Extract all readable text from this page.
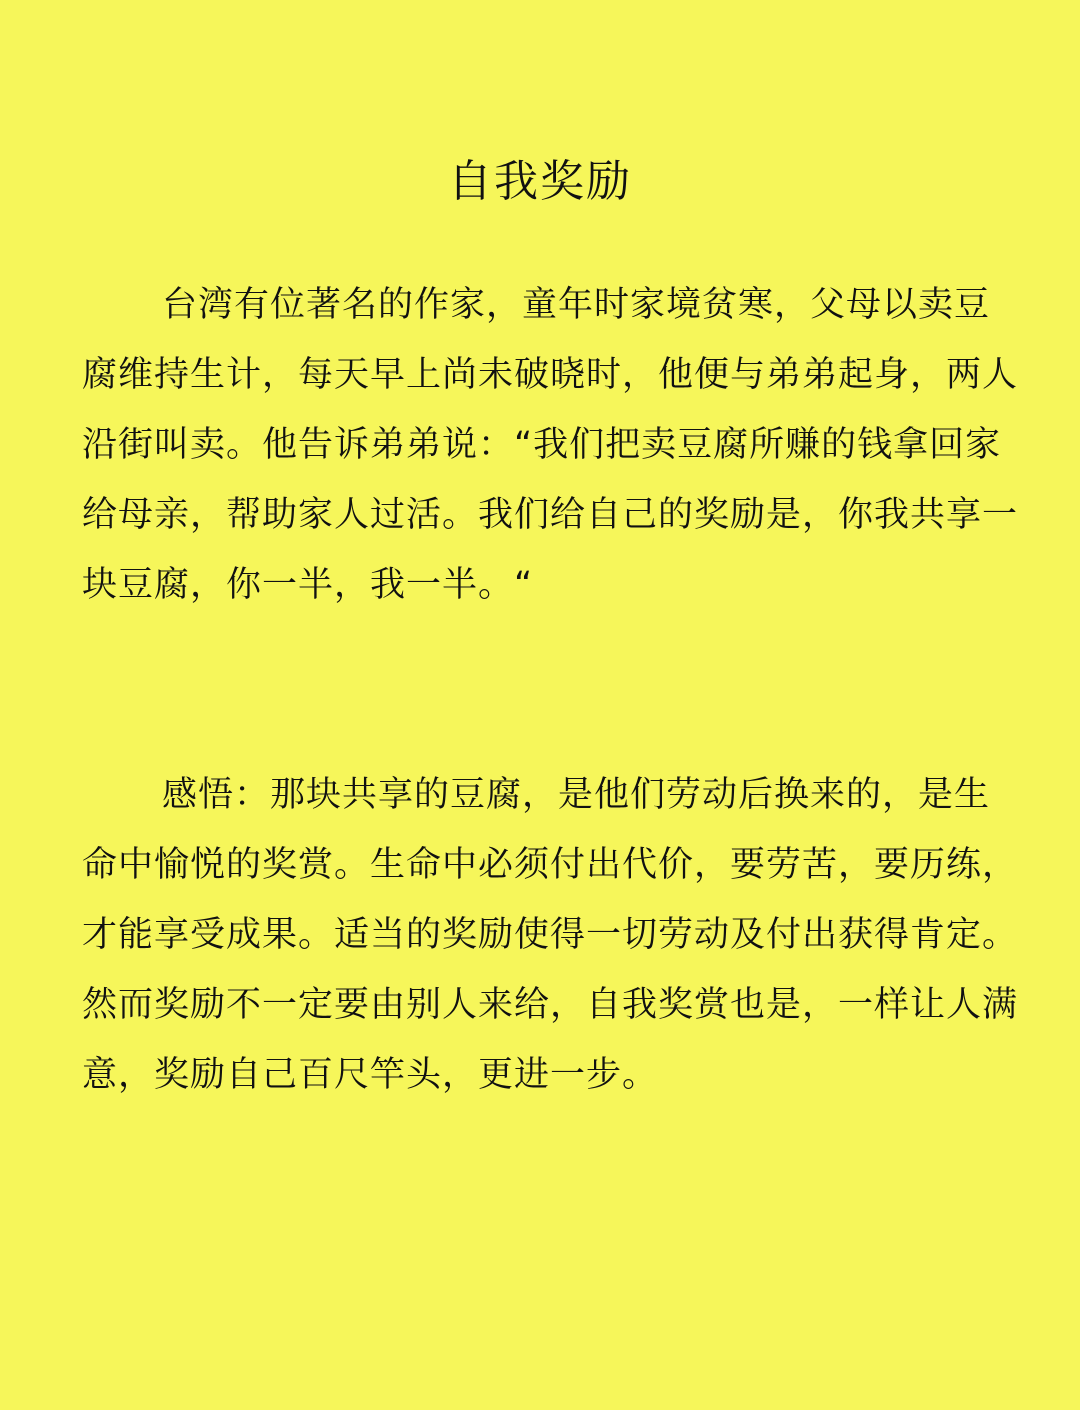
自我奖励

台湾有位著名的作家，童年时家境贫寒，父母以卖豆腐维持生计，每天早上尚未破晓时，他便与弟弟起身，两人沿街叫卖。他告诉弟弟说：“我们把卖豆腐所赚的钱拿回家给母亲，帮助家人过活。我们给自己的奖励是，你我共享一块豆腐，你一半，我一半。“

感悟：那块共享的豆腐，是他们劳动后换来的，是生命中愉悦的奖赏。生命中必须付出代价，要劳苦，要历练，才能享受成果。适当的奖励使得一切劳动及付出获得肯定。然而奖励不一定要由别人来给，自我奖赏也是，一样让人满意，奖励自己百尺竿头，更进一步。
